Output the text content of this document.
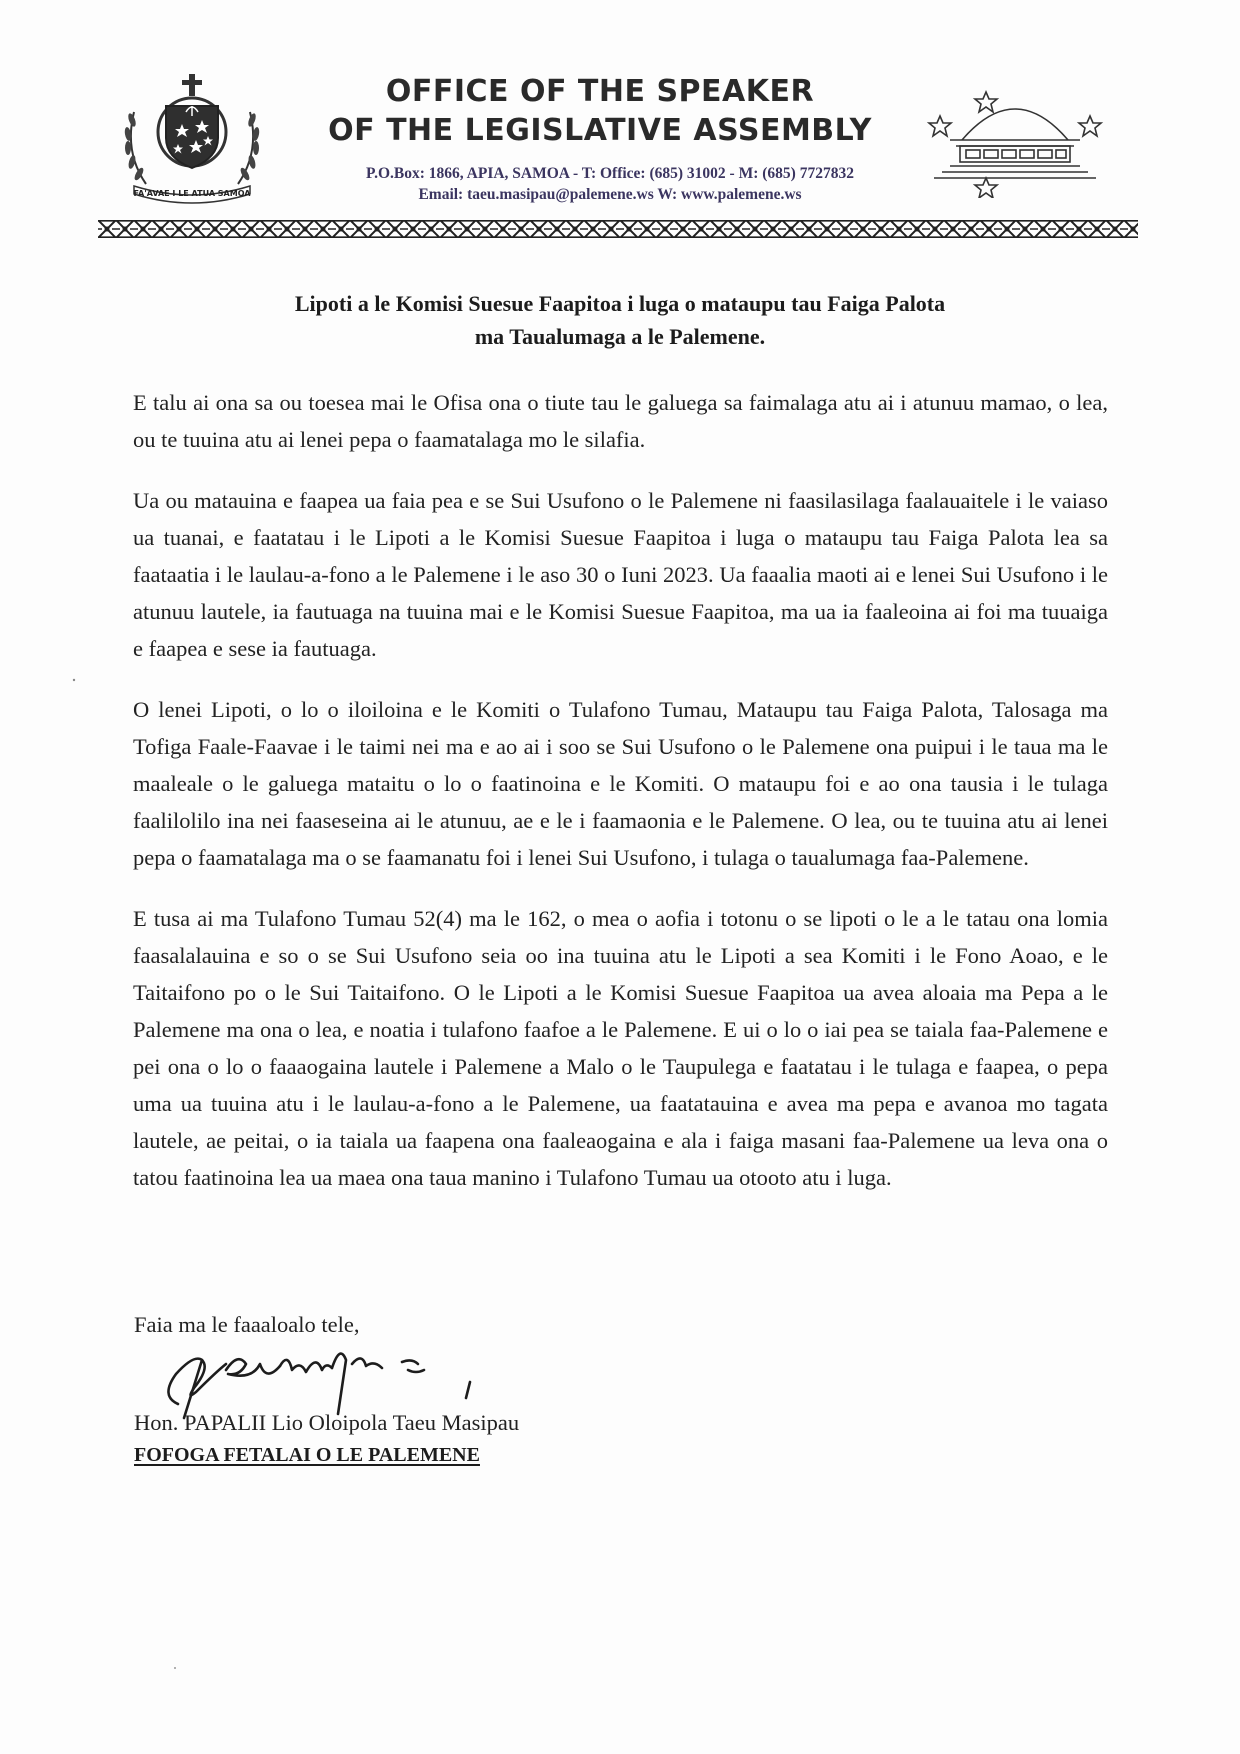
FA'AVAE I LE ATUA SAMOA
OFFICE OF THE SPEAKER
OF THE LEGISLATIVE ASSEMBLY
P.O.Box: 1866, APIA, SAMOA - T: Office: (685) 31002 - M: (685) 7727832
Email: taeu.masipau@palemene.ws W: www.palemene.ws
Lipoti a le Komisi Suesue Faapitoa i luga o mataupu tau Faiga Palota
ma Taualumaga a le Palemene.

E talu ai ona sa ou toesea mai le Ofisa ona o tiute tau le galuega sa faimalaga atu ai i atunuu mamao, o lea, ou te tuuina atu ai lenei pepa o faamatalaga mo le silafia.

Ua ou matauina e faapea ua faia pea e se Sui Usufono o le Palemene ni faasilasilaga faalauaitele i le vaiaso ua tuanai, e faatatau i le Lipoti a le Komisi Suesue Faapitoa i luga o mataupu tau Faiga Palota lea sa faataatia i le laulau-a-fono a le Palemene i le aso 30 o Iuni 2023. Ua faaalia maoti ai e lenei Sui Usufono i le atunuu lautele, ia fautuaga na tuuina mai e le Komisi Suesue Faapitoa, ma ua ia faaleoina ai foi ma tuuaiga e faapea e sese ia fautuaga.

O lenei Lipoti, o lo o iloiloina e le Komiti o Tulafono Tumau, Mataupu tau Faiga Palota, Talosaga ma Tofiga Faale-Faavae i le taimi nei ma e ao ai i soo se Sui Usufono o le Palemene ona puipui i le taua ma le maaleale o le galuega mataitu o lo o faatinoina e le Komiti. O mataupu foi e ao ona tausia i le tulaga faalilolilo ina nei faaseseina ai le atunuu, ae e le i faamaonia e le Palemene. O lea, ou te tuuina atu ai lenei pepa o faamatalaga ma o se faamanatu foi i lenei Sui Usufono, i tulaga o taualumaga faa-Palemene.

E tusa ai ma Tulafono Tumau 52(4) ma le 162, o mea o aofia i totonu o se lipoti o le a le tatau ona lomia faasalalauina e so o se Sui Usufono seia oo ina tuuina atu le Lipoti a sea Komiti i le Fono Aoao, e le Taitaifono po o le Sui Taitaifono. O le Lipoti a le Komisi Suesue Faapitoa ua avea aloaia ma Pepa a le Palemene ma ona o lea, e noatia i tulafono faafoe a le Palemene. E ui o lo o iai pea se taiala faa-Palemene e pei ona o lo o faaaogaina lautele i Palemene a Malo o le Taupulega e faatatau i le tulaga e faapea, o pepa uma ua tuuina atu i le laulau-a-fono a le Palemene, ua faatatauina e avea ma pepa e avanoa mo tagata lautele, ae peitai, o ia taiala ua faapena ona faaleaogaina e ala i faiga masani faa-Palemene ua leva ona o tatou faatinoina lea ua maea ona taua manino i Tulafono Tumau ua otooto atu i luga.

Faia ma le faaaloalo tele,
Hon. PAPALII Lio Oloipola Taeu Masipau
FOFOGA FETALAI O LE PALEMENE
